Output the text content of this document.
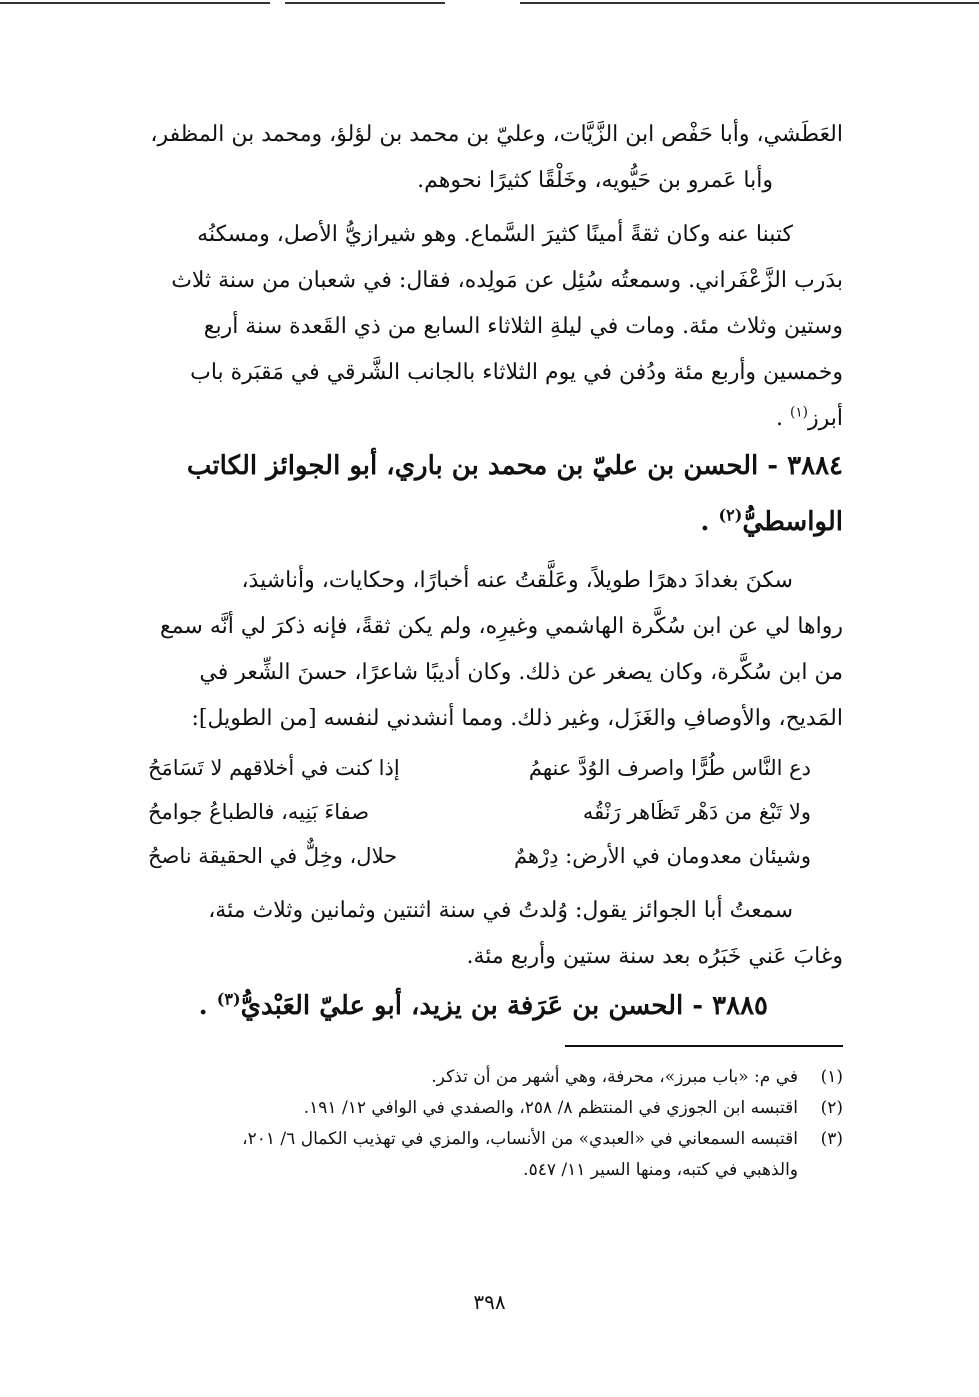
العَطَشي، وأبا حَفْص ابن الزَّيَّات، وعليّ بن محمد بن لؤلؤ، ومحمد بن المظفر،
وأبا عَمرو بن حَيُّويه، وخَلْقًا كثيرًا نحوهم.

كتبنا عنه وكان ثقةً أمينًا كثيرَ السَّماع. وهو شيرازيُّ الأصل، ومسكنُه
بدَرب الزَّعْفَراني. وسمعتُه سُئِل عن مَولِده، فقال: في شعبان من سنة ثلاث
وستين وثلاث مئة. ومات في ليلةِ الثلاثاء السابع من ذي القَعدة سنة أربع
وخمسين وأربع مئة ودُفن في يوم الثلاثاء بالجانب الشَّرقي في مَقبَرة باب
أبرز$^{(١)}$ .

٣٨٨٤ - الحسن بن عليّ بن محمد بن باري، أبو الجوائز الكاتب
الواسطيُّ$^{(٢)}$ .

سكنَ بغدادَ دهرًا طويلاً، وعَلَّقتُ عنه أخبارًا، وحكايات، وأناشيدَ،
رواها لي عن ابن سُكَّرة الهاشمي وغيرِه، ولم يكن ثقةً، فإنه ذكرَ لي أنَّه سمع
من ابن سُكَّرة، وكان يصغر عن ذلك. وكان أديبًا شاعرًا، حسنَ الشِّعر في
المَديح، والأوصافِ والغَزَل، وغير ذلك. ومما أنشدني لنفسه [من الطويل]:

دع النَّاس طُرًّا واصرف الوُدَّ عنهمُ
إذا كنت في أخلاقهم لا تَسَامَحُ
ولا تَبْغ من دَهْر تَظَاهر رَنْقُه
صفاءَ بَنِيه، فالطباعُ جوامحُ
وشيئان معدومان في الأرض: دِرْهمٌ
حلال، وخِلٌّ في الحقيقة ناصحُ

سمعتُ أبا الجوائز يقول: وُلدتُ في سنة اثنتين وثمانين وثلاث مئة،
وغابَ عَني خَبَرُه بعد سنة ستين وأربع مئة.

٣٨٨٥ - الحسن بن عَرَفة بن يزيد، أبو عليّ العَبْديُّ$^{(٣)}$ .

(١)في م: «باب مبرز»، محرفة، وهي أشهر من أن تذكر.
(٢)اقتبسه ابن الجوزي في المنتظم ٨/ ٢٥٨، والصفدي في الوافي ١٢/ ١٩١.
(٣)اقتبسه السمعاني في «العبدي» من الأنساب، والمزي في تهذيب الكمال ٦/ ٢٠١،
والذهبي في كتبه، ومنها السير ١١/ ٥٤٧.
٣٩٨
